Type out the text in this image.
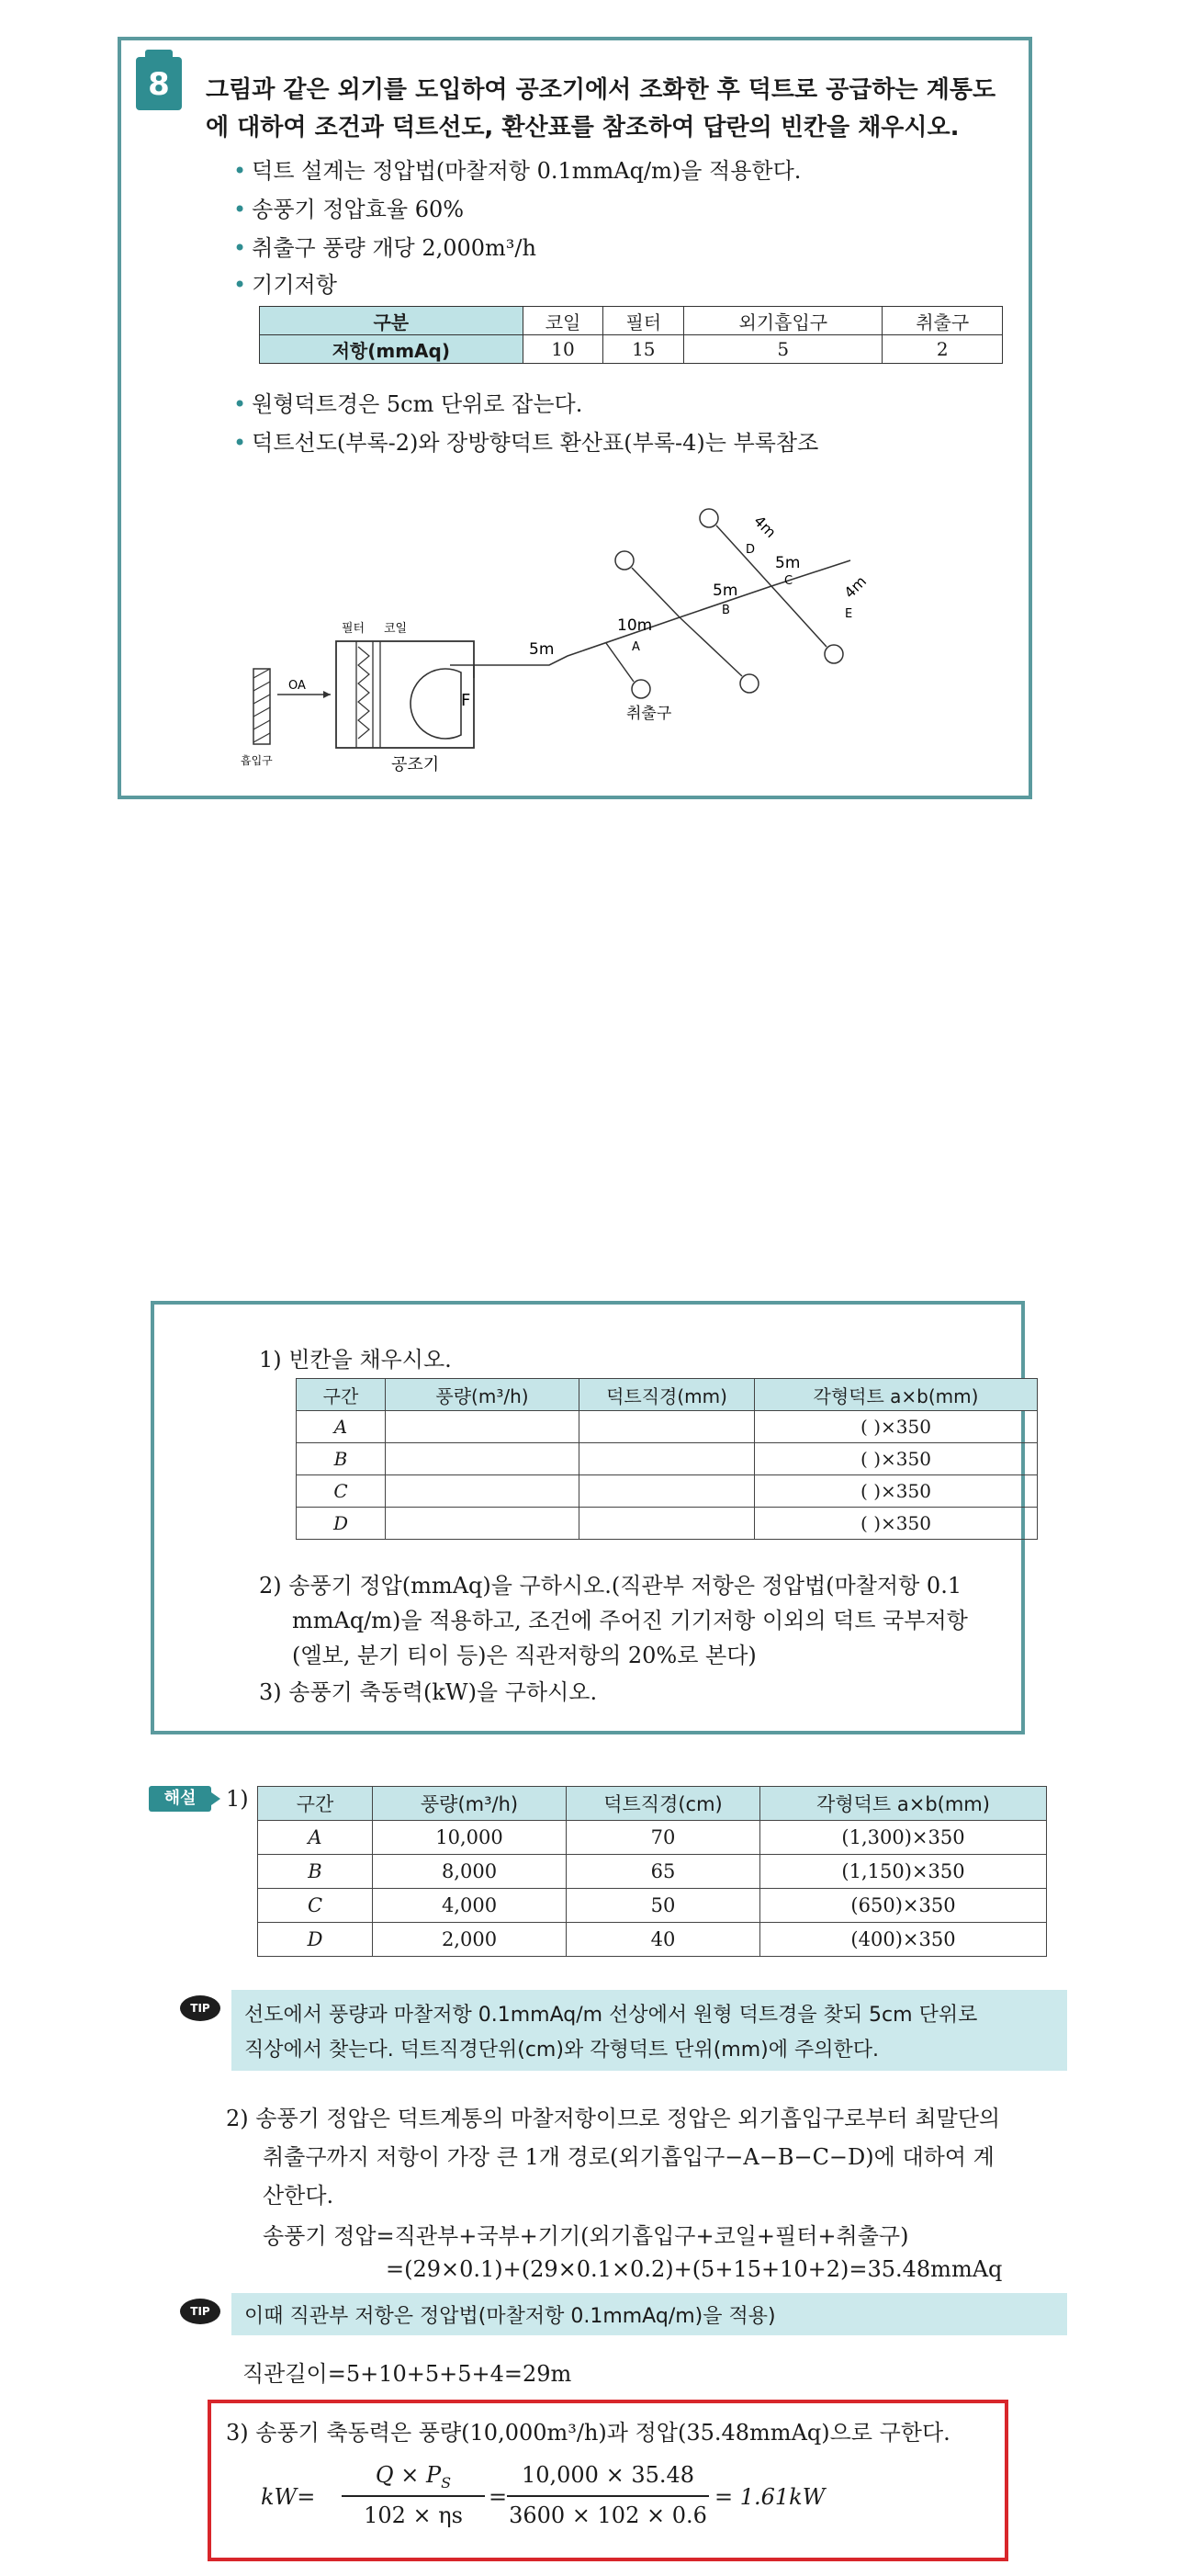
8	그림과 같은 외기를 도입하여 공조기에서 조화한 후 덕트로 공급하는 계통도
에 대하여 조건과 덕트선도, 환산표를 참조하여 답란의 빈칸을 채우시오.
• 덕트 설계는 정압법(마찰저항 0.1mmAq/m)을 적용한다.
• 송풍기 정압효율 60%
• 취출구 풍량 개당 2,000m³/h
• 기기저항
구분	코일	필터	외기흡입구	취출구
저항(mmAq)	10	15	5	2
• 원형덕트경은 5cm 단위로 잡는다.
• 덕트선도(부록-2)와 장방향덕트 환산표(부록-4)는 부록참조
흡입구
OA
필터 코일
F
공조기
취출구
5m
10m
A
5m
B
5m
C
4m
D
4m
E
1) 빈칸을 채우시오.
구간	풍량(m³/h)	덕트직경(mm)	각형덕트 a×b(mm)
A			( )×350
B			( )×350
C			( )×350
D			( )×350
2) 송풍기 정압(mmAq)을 구하시오.(직관부 저항은 정압법(마찰저항 0.1
mmAq/m)을 적용하고, 조건에 주어진 기기저항 이외의 덕트 국부저항
(엘보, 분기 티이 등)은 직관저항의 20%로 본다)
3) 송풍기 축동력(kW)을 구하시오.
해설	1) 구간	풍량(m³/h)	덕트직경(cm)	각형덕트 a×b(mm)
A	10,000	70	(1,300)×350
B	8,000	65	(1,150)×350
C	4,000	50	(650)×350
D	2,000	40	(400)×350
TIP	선도에서 풍량과 마찰저항 0.1mmAq/m 선상에서 원형 덕트경을 찾되 5cm 단위로
직상에서 찾는다. 덕트직경단위(cm)와 각형덕트 단위(mm)에 주의한다.
2) 송풍기 정압은 덕트계통의 마찰저항이므로 정압은 외기흡입구로부터 최말단의
취출구까지 저항이 가장 큰 1개 경로(외기흡입구−A−B−C−D)에 대하여 계
산한다.
송풍기 정압=직관부+국부+기기(외기흡입구+코일+필터+취출구)
=(29×0.1)+(29×0.1×0.2)+(5+15+10+2)=35.48mmAq
TIP	이때 직관부 저항은 정압법(마찰저항 0.1mmAq/m)을 적용)
직관길이=5+10+5+5+4=29m
3) 송풍기 축동력은 풍량(10,000m³/h)과 정압(35.48mmAq)으로 구한다.
kW=
$Q \times P_S$
102 × ηs
=
10,000 × 35.48
3600 × 102 × 0.6
= 1.61kW
